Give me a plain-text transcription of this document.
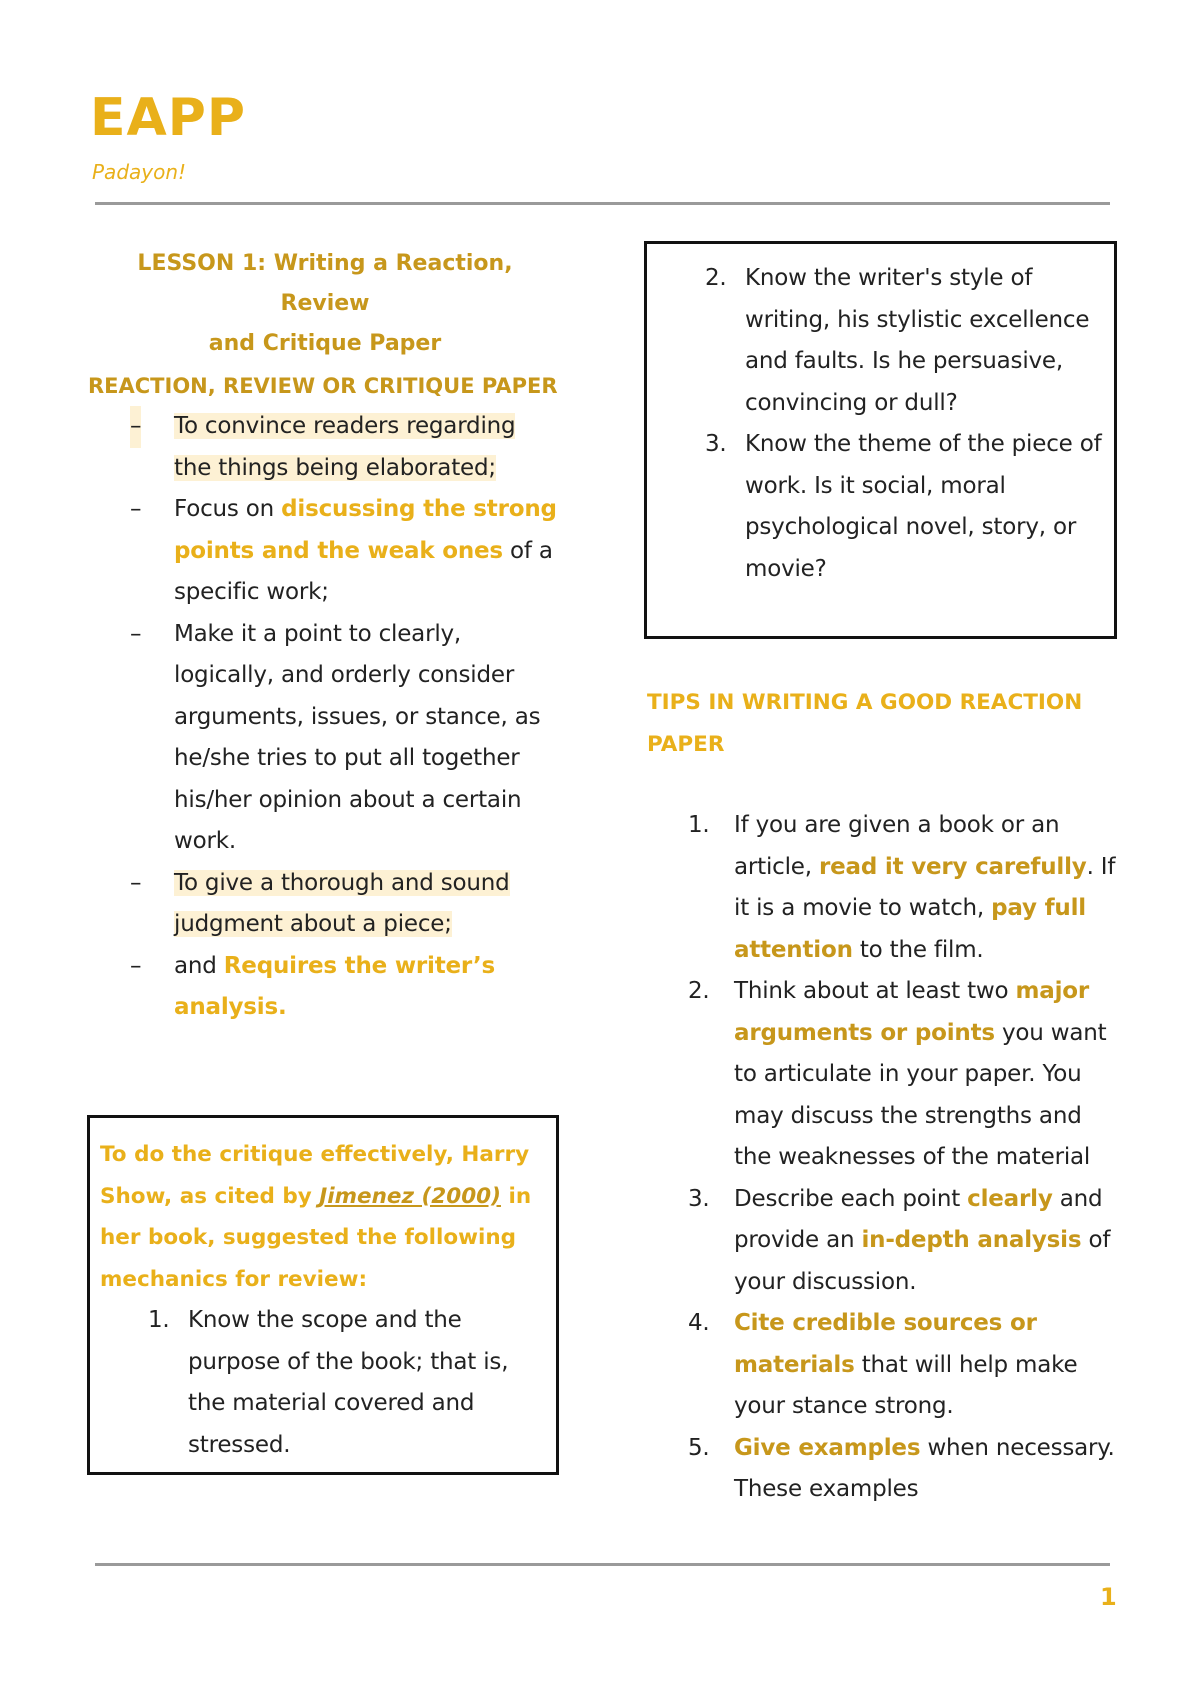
EAPP
Padayon!
LESSON 1: Writing a Reaction, Review
and Critique Paper
REACTION, REVIEW OR CRITIQUE PAPER
– To convince readers regarding
the things being elaborated;
– Focus on discussing the strong points and the weak ones of a specific work;
– Make it a point to clearly, logically, and orderly consider arguments, issues, or stance, as he/she tries to put all together his/her opinion about a certain work.
– To give a thorough and sound
judgment about a piece;
– and Requires the writer’s analysis.
To do the critique effectively, Harry Show, as cited by Jimenez (2000) in her book, suggested the following mechanics for review:
1. Know the scope and the purpose of the book; that is, the material covered and stressed.
2. Know the writer's style of writing, his stylistic excellence and faults. Is he persuasive, convincing or dull?
3. Know the theme of the piece of work. Is it social, moral psychological novel, story, or movie?
TIPS IN WRITING A GOOD REACTION PAPER
1. If you are given a book or an article, read it very carefully. If it is a movie to watch, pay full attention to the film.
2. Think about at least two major arguments or points you want to articulate in your paper. You may discuss the strengths and the weaknesses of the material
3. Describe each point clearly and provide an in-depth analysis of your discussion.
4. Cite credible sources or materials that will help make your stance strong.
5. Give examples when necessary. These examples
1
